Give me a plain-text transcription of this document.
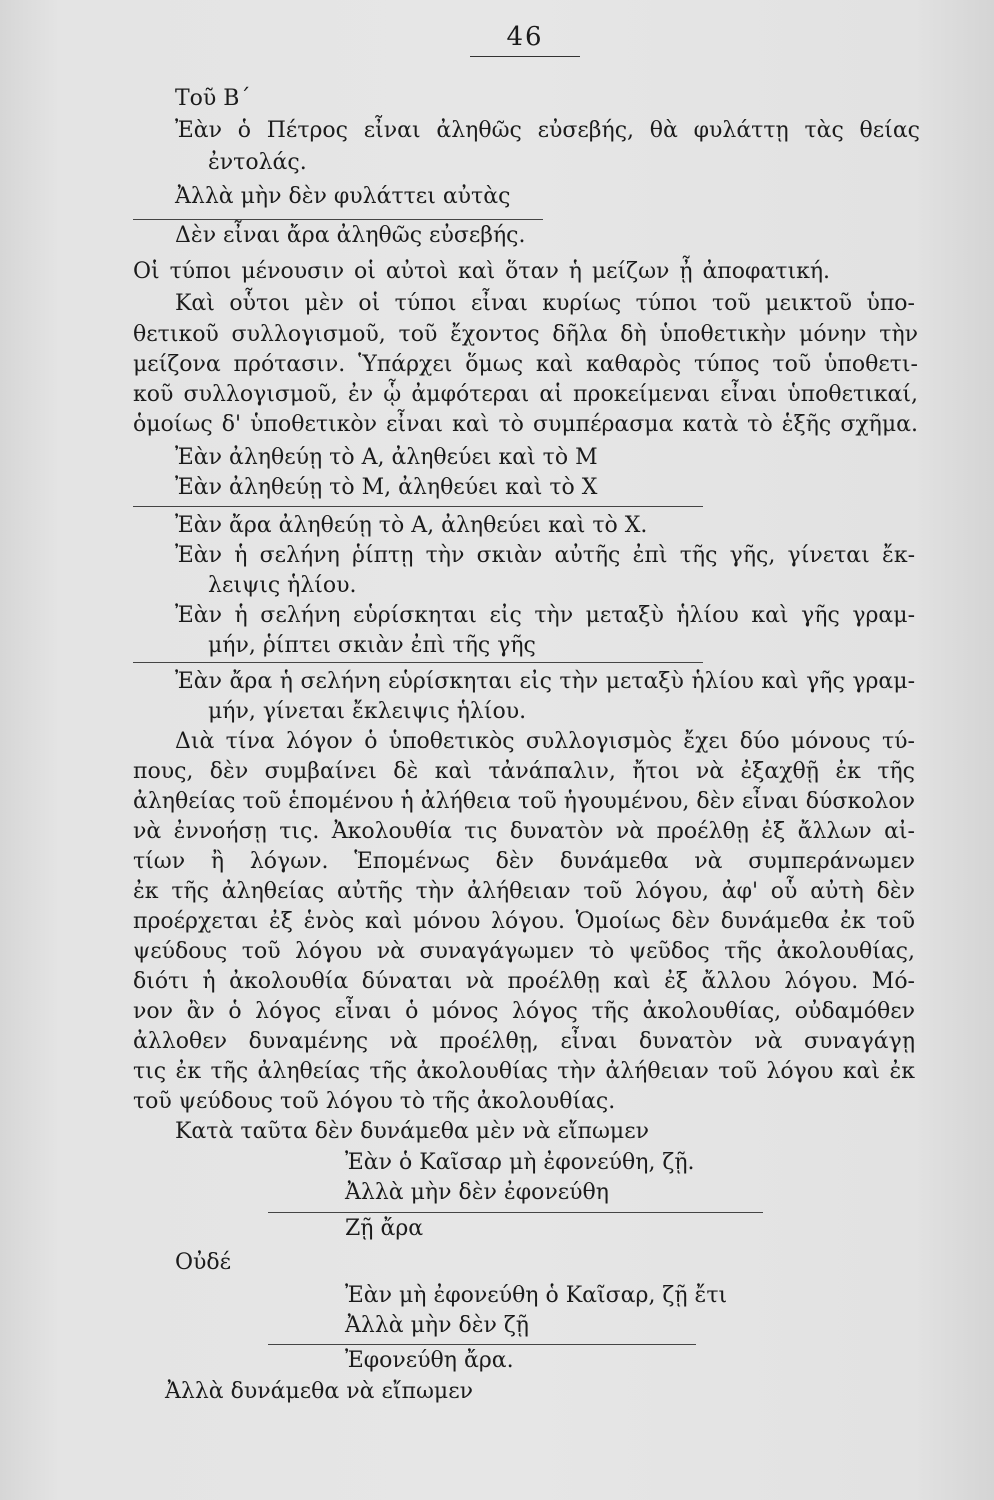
46
Τοῦ Β΄
Ἐὰν ὁ Πέτρος εἶναι ἀληθῶς εὐσεβής, θὰ φυλάττῃ τὰς θείας
ἐντολάς.
Ἀλλὰ μὴν δὲν φυλάττει αὐτὰς
Δὲν εἶναι ἄρα ἀληθῶς εὐσεβής.
Οἱ τύποι μένουσιν οἱ αὐτοὶ καὶ ὅταν ἡ μείζων ᾖ ἀποφατική.
Καὶ οὗτοι μὲν οἱ τύποι εἶναι κυρίως τύποι τοῦ μεικτοῦ ὑπο-
θετικοῦ συλλογισμοῦ, τοῦ ἔχοντος δῆλα δὴ ὑποθετικὴν μόνην τὴν
μείζονα πρότασιν. Ὑπάρχει ὅμως καὶ καθαρὸς τύπος τοῦ ὑποθετι-
κοῦ συλλογισμοῦ, ἐν ᾧ ἀμφότεραι αἱ προκείμεναι εἶναι ὑποθετικαί,
ὁμοίως δ' ὑποθετικὸν εἶναι καὶ τὸ συμπέρασμα κατὰ τὸ ἑξῆς σχῆμα.
Ἐὰν ἀληθεύῃ τὸ Α, ἀληθεύει καὶ τὸ Μ
Ἐὰν ἀληθεύῃ τὸ Μ, ἀληθεύει καὶ τὸ Χ
Ἐὰν ἄρα ἀληθεύῃ τὸ Α, ἀληθεύει καὶ τὸ Χ.
Ἐὰν ἡ σελήνη ῥίπτῃ τὴν σκιὰν αὐτῆς ἐπὶ τῆς γῆς, γίνεται ἔκ-
λειψις ἡλίου.
Ἐὰν ἡ σελήνη εὑρίσκηται εἰς τὴν μεταξὺ ἡλίου καὶ γῆς γραμ-
μήν, ῥίπτει σκιὰν ἐπὶ τῆς γῆς
Ἐὰν ἄρα ἡ σελήνη εὑρίσκηται εἰς τὴν μεταξὺ ἡλίου καὶ γῆς γραμ-
μήν, γίνεται ἔκλειψις ἡλίου.
Διὰ τίνα λόγον ὁ ὑποθετικὸς συλλογισμὸς ἔχει δύο μόνους τύ-
πους, δὲν συμβαίνει δὲ καὶ τἀνάπαλιν, ἤτοι νὰ ἐξαχθῇ ἐκ τῆς
ἀληθείας τοῦ ἑπομένου ἡ ἀλήθεια τοῦ ἡγουμένου, δὲν εἶναι δύσκολον
νὰ ἐννοήσῃ τις. Ἀκολουθία τις δυνατὸν νὰ προέλθῃ ἐξ ἄλλων αἰ-
τίων ἢ λόγων. Ἑπομένως δὲν δυνάμεθα νὰ συμπεράνωμεν
ἐκ τῆς ἀληθείας αὐτῆς τὴν ἀλήθειαν τοῦ λόγου, ἀφ' οὗ αὐτὴ δὲν
προέρχεται ἐξ ἑνὸς καὶ μόνου λόγου. Ὁμοίως δὲν δυνάμεθα ἐκ τοῦ
ψεύδους τοῦ λόγου νὰ συναγάγωμεν τὸ ψεῦδος τῆς ἀκολουθίας,
διότι ἡ ἀκολουθία δύναται νὰ προέλθῃ καὶ ἐξ ἄλλου λόγου. Μό-
νον ἂν ὁ λόγος εἶναι ὁ μόνος λόγος τῆς ἀκολουθίας, οὐδαμόθεν
ἀλλοθεν δυναμένης νὰ προέλθῃ, εἶναι δυνατὸν νὰ συναγάγῃ
τις ἐκ τῆς ἀληθείας τῆς ἀκολουθίας τὴν ἀλήθειαν τοῦ λόγου καὶ ἐκ
τοῦ ψεύδους τοῦ λόγου τὸ τῆς ἀκολουθίας.
Κατὰ ταῦτα δὲν δυνάμεθα μὲν νὰ εἴπωμεν
Ἐὰν ὁ Καῖσαρ μὴ ἐφονεύθη, ζῇ.
Ἀλλὰ μὴν δὲν ἐφονεύθη
Ζῇ ἄρα
Οὐδέ
Ἐὰν μὴ ἐφονεύθη ὁ Καῖσαρ, ζῇ ἔτι
Ἀλλὰ μὴν δὲν ζῇ
Ἐφονεύθη ἄρα.
Ἀλλὰ δυνάμεθα νὰ εἴπωμεν
